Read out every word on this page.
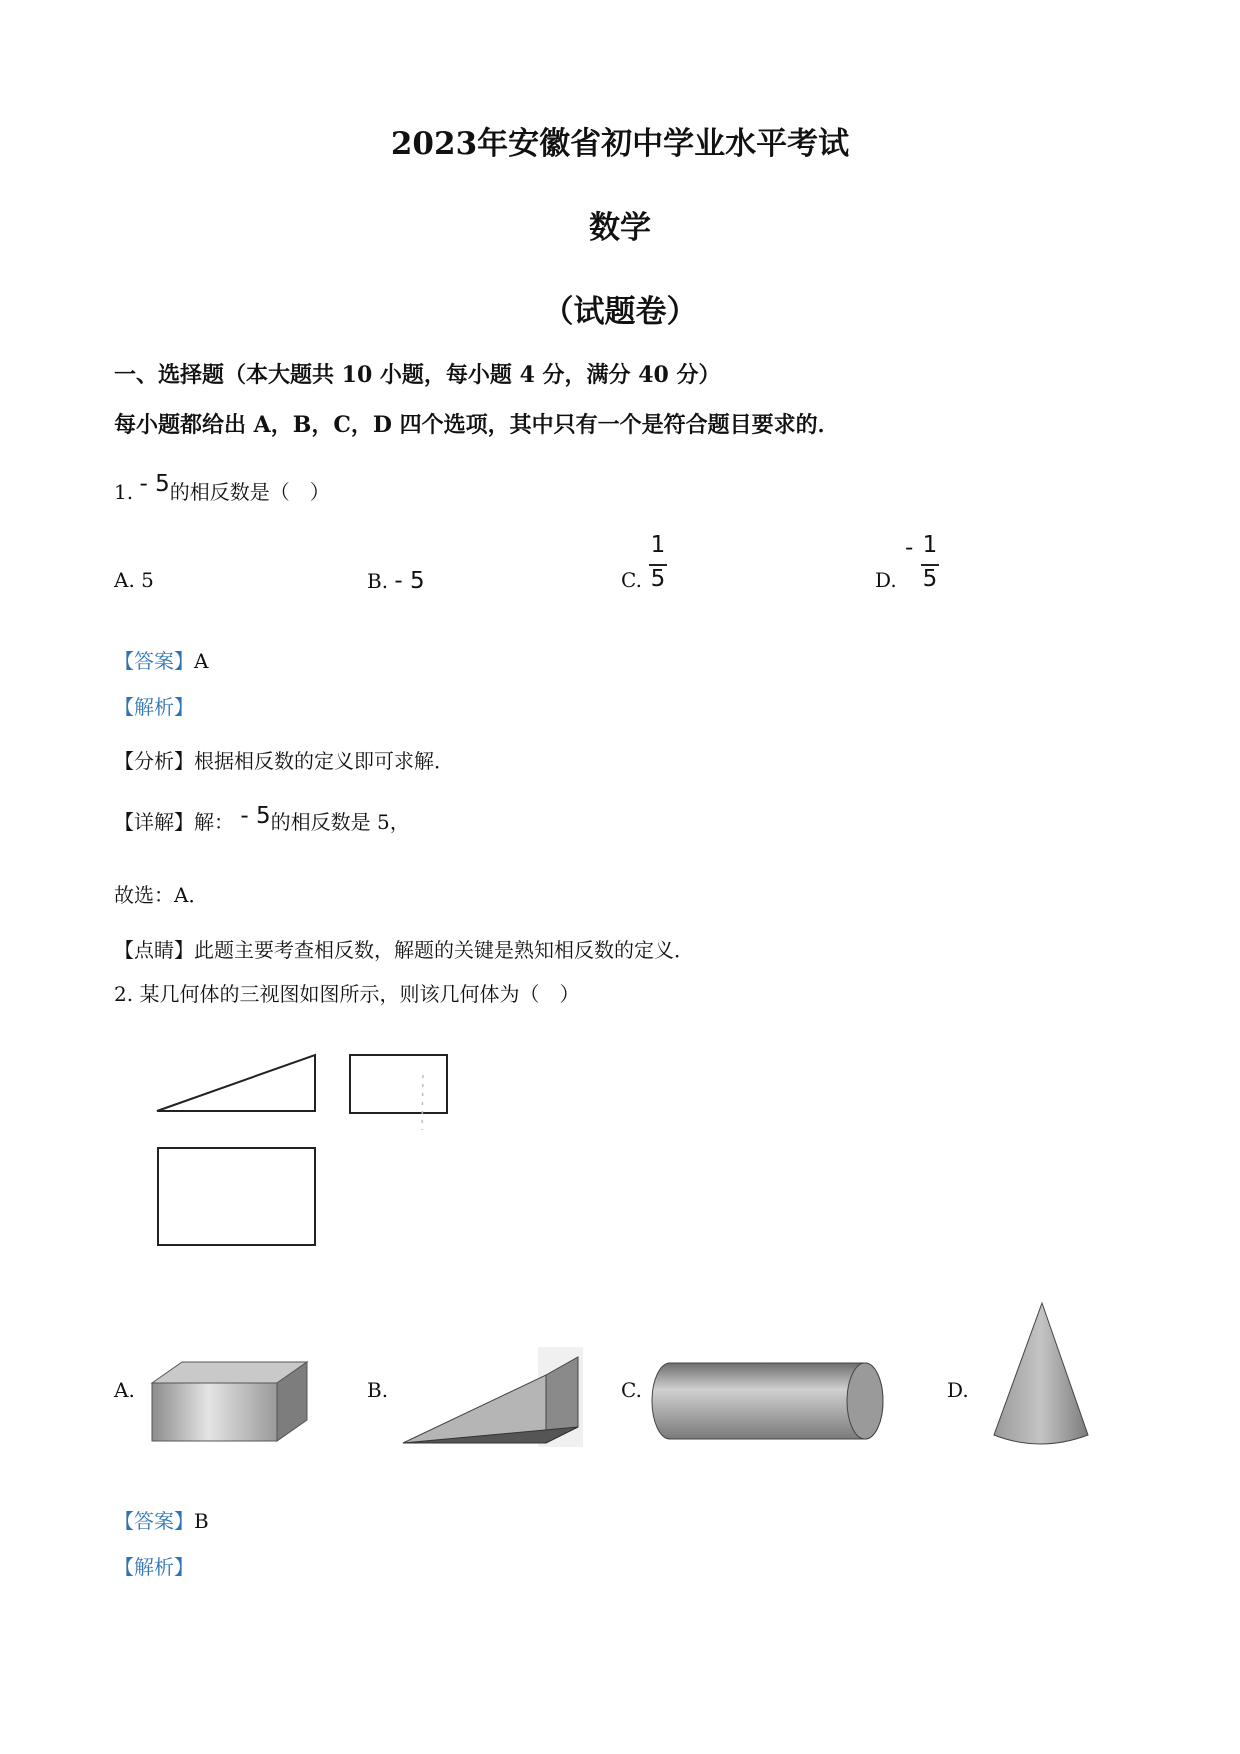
2023年安徽省初中学业水平考试
数学
（试题卷）
一、选择题（本大题共 10 小题，每小题 4 分，满分 40 分）
每小题都给出 A，B，C，D 四个选项，其中只有一个是符合题目要求的．
1. - 5的相反数是（　）
A. 5	B. - 5	C.
1
5	D.
- 1
5
【答案】A
【解析】
【分析】根据相反数的定义即可求解．
【详解】解： - 5的相反数是 5，
故选：A．
【点睛】此题主要考查相反数，解题的关键是熟知相反数的定义．
2. 某几何体的三视图如图所示，则该几何体为（　）
A.	B.	C.	D.
【答案】B
【解析】
